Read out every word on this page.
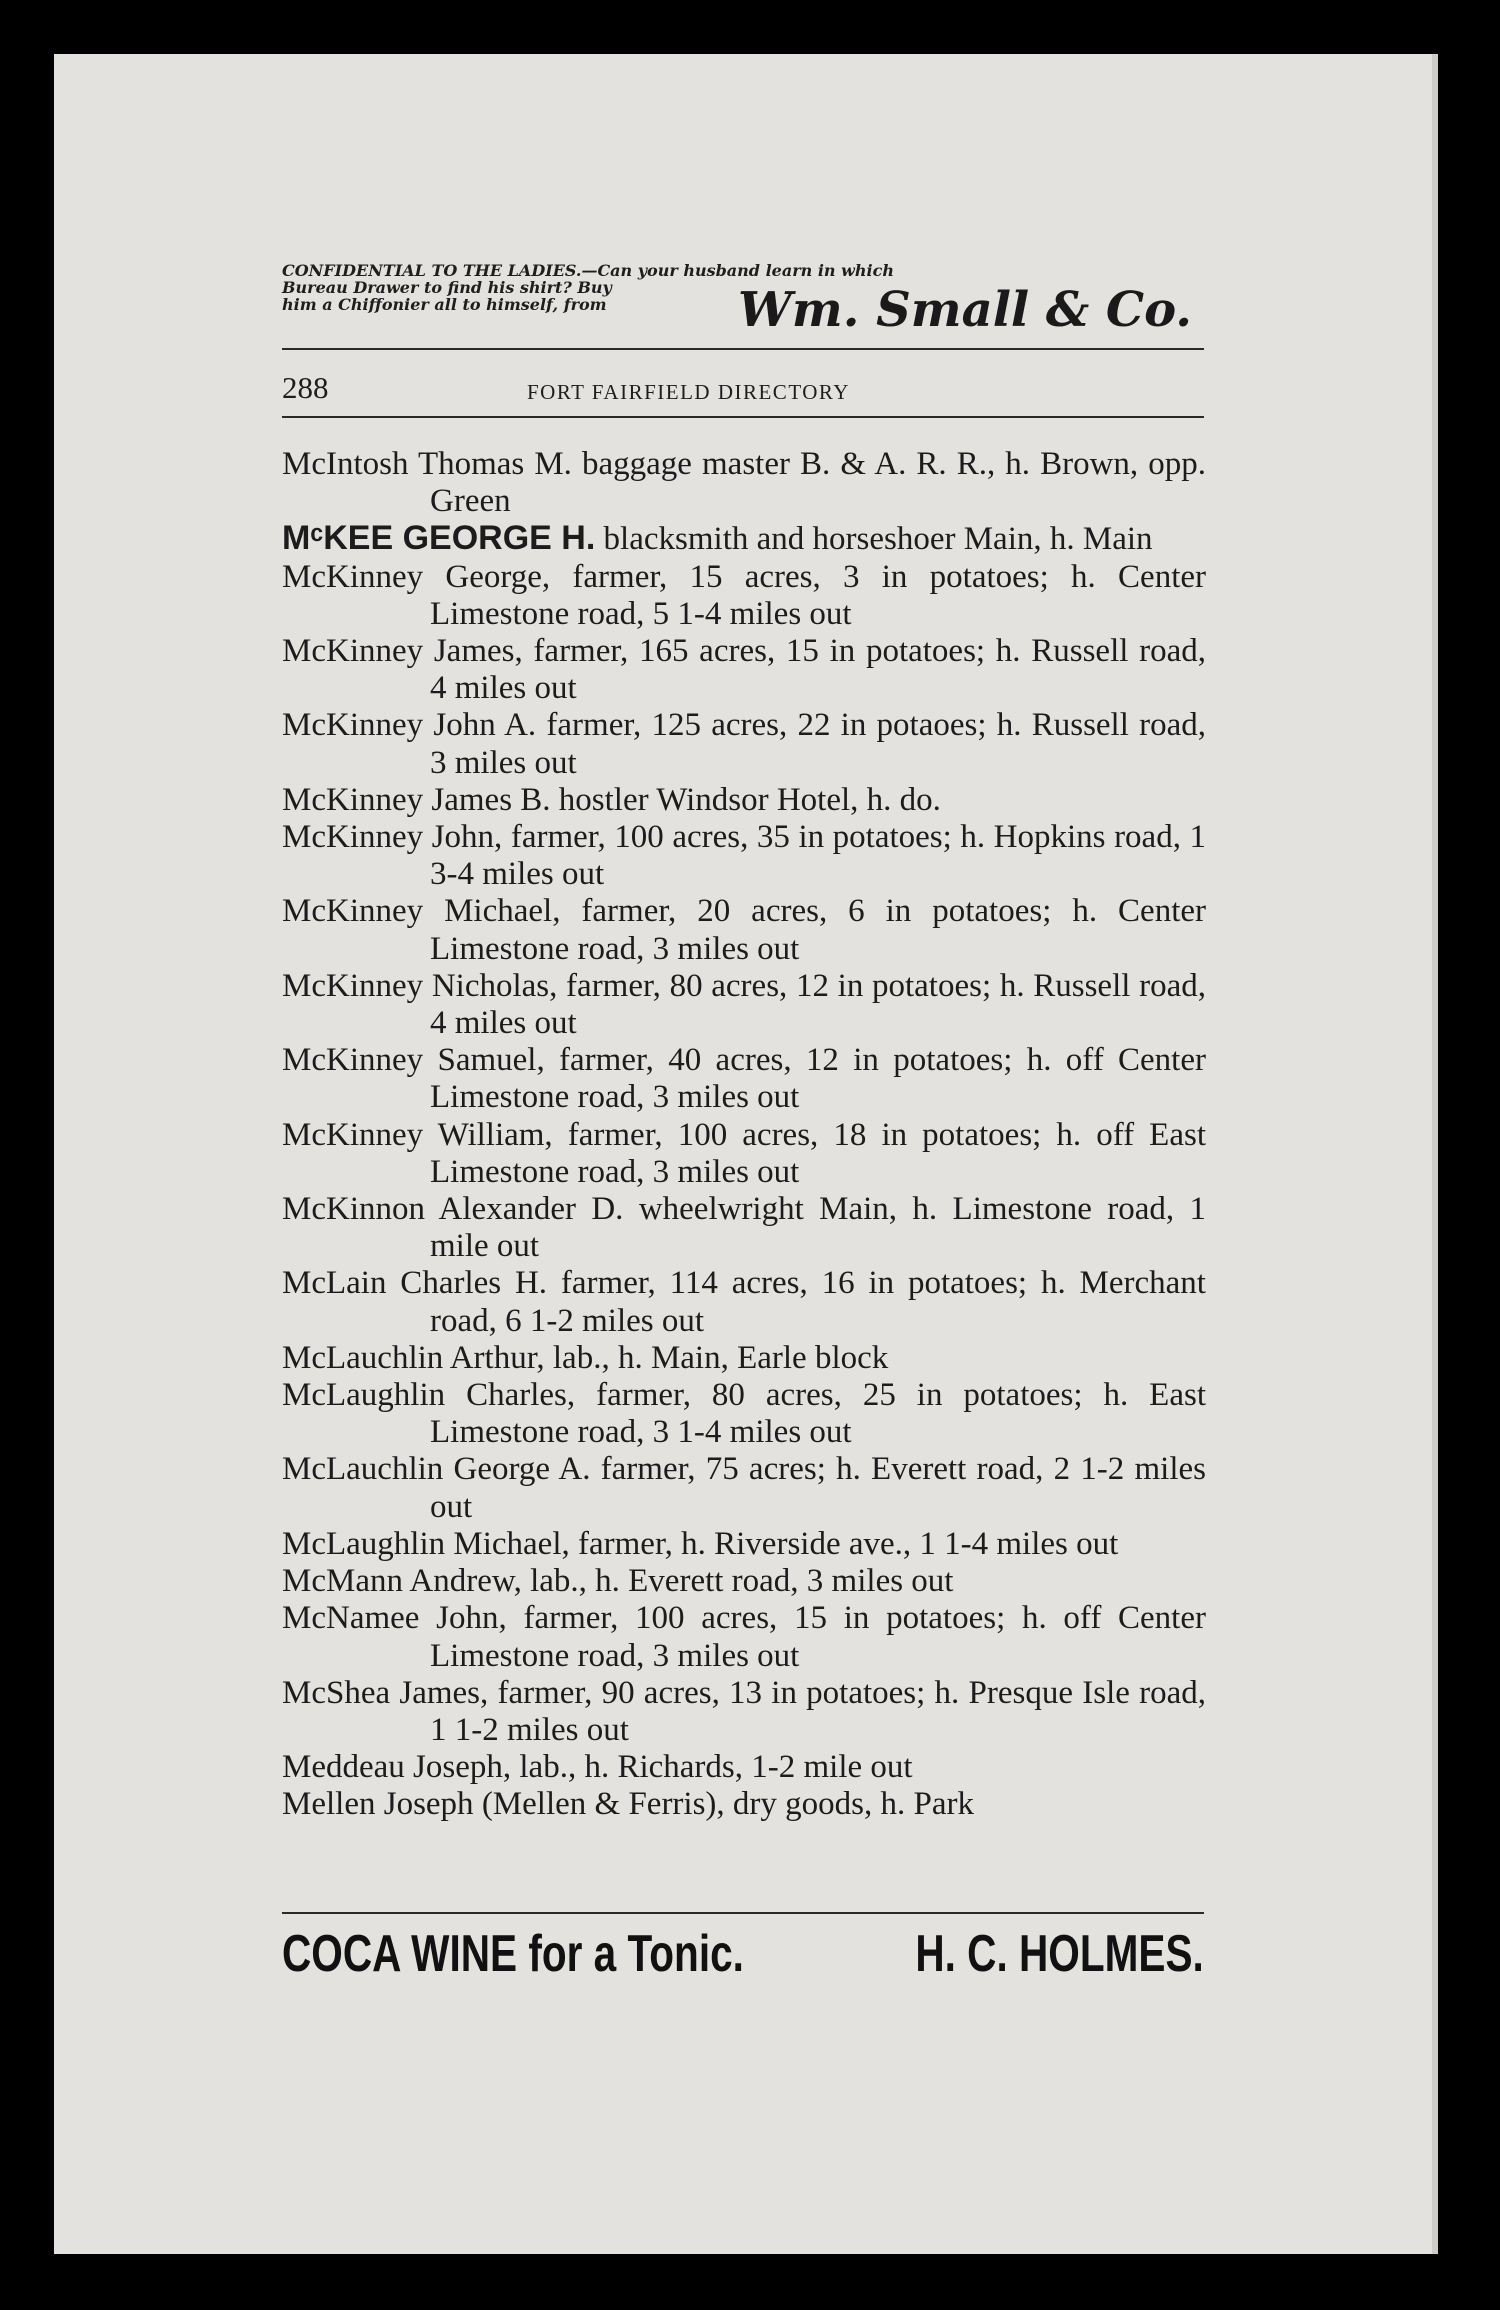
CONFIDENTIAL TO THE LADIES.—Can your husband learn in which
Bureau Drawer to find his shirt? Buy
him a Chiffonier all to himself, from	Wm. Small & Co.
288	FORT FAIRFIELD DIRECTORY
McIntosh Thomas M. baggage master B. & A. R. R., h. Brown, opp. Green
MᶜKEE GEORGE H. blacksmith and horseshoer Main, h. Main
McKinney George, farmer, 15 acres, 3 in potatoes; h. Center Limestone road, 5 1-4 miles out
McKinney James, farmer, 165 acres, 15 in potatoes; h. Russell road, 4 miles out
McKinney John A. farmer, 125 acres, 22 in potaoes; h. Russell road, 3 miles out
McKinney James B. hostler Windsor Hotel, h. do.
McKinney John, farmer, 100 acres, 35 in potatoes; h. Hopkins road, 1 3-4 miles out
McKinney Michael, farmer, 20 acres, 6 in potatoes; h. Center Limestone road, 3 miles out
McKinney Nicholas, farmer, 80 acres, 12 in potatoes; h. Russell road, 4 miles out
McKinney Samuel, farmer, 40 acres, 12 in potatoes; h. off Center Limestone road, 3 miles out
McKinney William, farmer, 100 acres, 18 in potatoes; h. off East Limestone road, 3 miles out
McKinnon Alexander D. wheelwright Main, h. Limestone road, 1 mile out
McLain Charles H. farmer, 114 acres, 16 in potatoes; h. Merchant road, 6 1-2 miles out
McLauchlin Arthur, lab., h. Main, Earle block
McLaughlin Charles, farmer, 80 acres, 25 in potatoes; h. East Limestone road, 3 1-4 miles out
McLauchlin George A. farmer, 75 acres; h. Everett road, 2 1-2 miles out
McLaughlin Michael, farmer, h. Riverside ave., 1 1-4 miles out
McMann Andrew, lab., h. Everett road, 3 miles out
McNamee John, farmer, 100 acres, 15 in potatoes; h. off Center Limestone road, 3 miles out
McShea James, farmer, 90 acres, 13 in potatoes; h. Presque Isle road, 1 1-2 miles out
Meddeau Joseph, lab., h. Richards, 1-2 mile out
Mellen Joseph (Mellen & Ferris), dry goods, h. Park
COCA WINE for a Tonic.	H. C. HOLMES.
